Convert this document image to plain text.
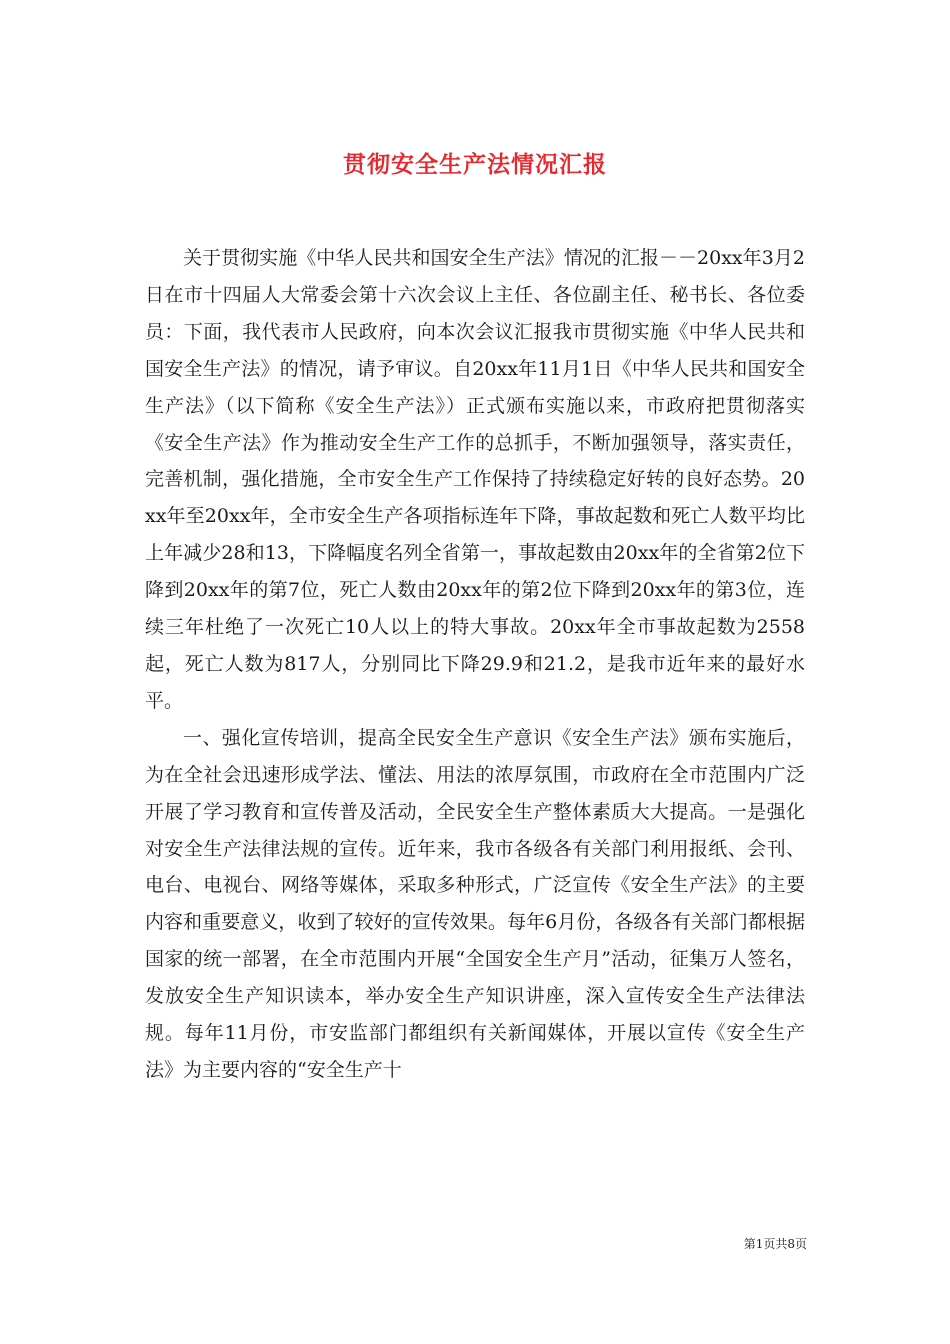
贯彻安全生产法情况汇报

关于贯彻实施《中华人民共和国安全生产法》情况的汇报－－20xx年3月2日在市十四届人大常委会第十六次会议上主任、各位副主任、秘书长、各位委员：下面，我代表市人民政府，向本次会议汇报我市贯彻实施《中华人民共和国安全生产法》的情况，请予审议。自20xx年11月1日《中华人民共和国安全生产法》（以下简称《安全生产法》）正式颁布实施以来，市政府把贯彻落实《安全生产法》作为推动安全生产工作的总抓手，不断加强领导，落实责任，完善机制，强化措施，全市安全生产工作保持了持续稳定好转的良好态势。20xx年至20xx年，全市安全生产各项指标连年下降，事故起数和死亡人数平均比上年减少28和13，下降幅度名列全省第一，事故起数由20xx年的全省第2位下降到20xx年的第7位，死亡人数由20xx年的第2位下降到20xx年的第3位，连续三年杜绝了一次死亡10人以上的特大事故。20xx年全市事故起数为2558起，死亡人数为817人，分别同比下降29.9和21.2，是我市近年来的最好水平。

一、强化宣传培训，提高全民安全生产意识《安全生产法》颁布实施后，为在全社会迅速形成学法、懂法、用法的浓厚氛围，市政府在全市范围内广泛开展了学习教育和宣传普及活动，全民安全生产整体素质大大提高。一是强化对安全生产法律法规的宣传。近年来，我市各级各有关部门利用报纸、会刊、电台、电视台、网络等媒体，采取多种形式，广泛宣传《安全生产法》的主要内容和重要意义，收到了较好的宣传效果。每年6月份，各级各有关部门都根据国家的统一部署，在全市范围内开展“全国安全生产月”活动，征集万人签名，发放安全生产知识读本，举办安全生产知识讲座，深入宣传安全生产法律法规。每年11月份，市安监部门都组织有关新闻媒体，开展以宣传《安全生产法》为主要内容的“安全生产十

第1页共8页
